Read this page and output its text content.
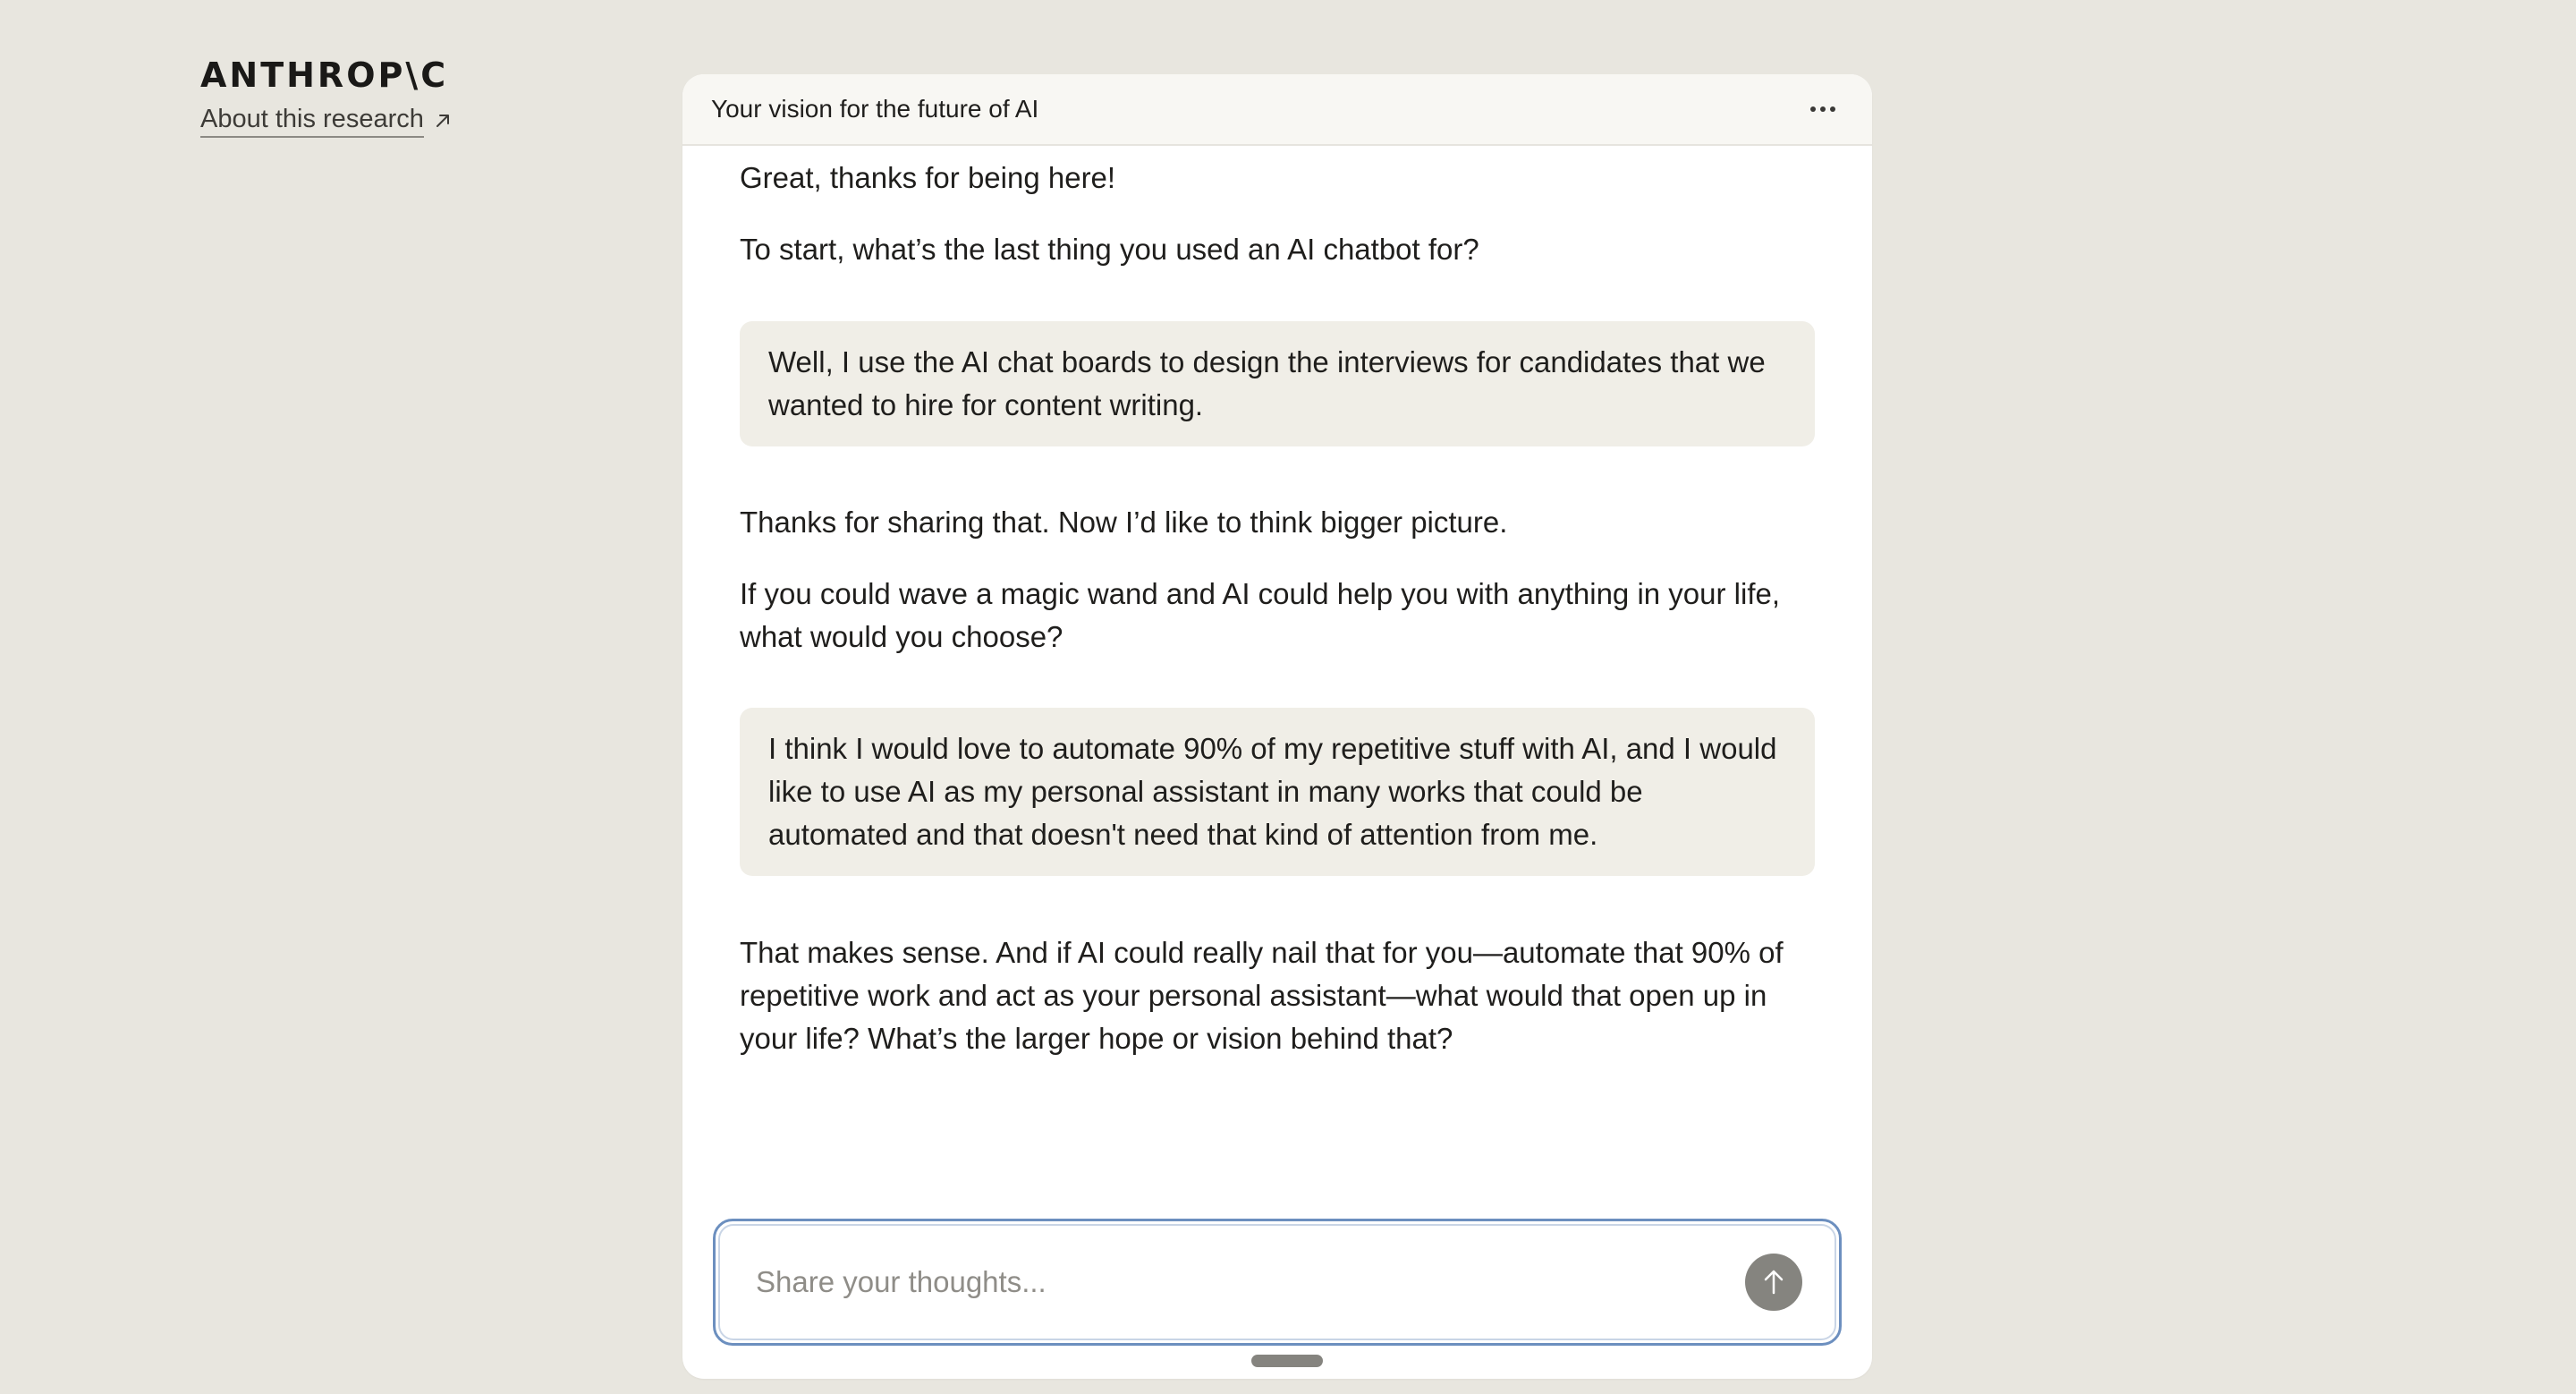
ANTHROP\C
About this research	Your vision for the future of AI

Great, thanks for being here!

To start, what’s the last thing you used an AI chatbot for?

Well, I use the AI chat boards to design the interviews for candidates that we wanted to hire for content writing.

Thanks for sharing that. Now I’d like to think bigger picture.

If you could wave a magic wand and AI could help you with anything in your life, what would you choose?

I think I would love to automate 90% of my repetitive stuff with AI, and I would like to use AI as my personal assistant in many works that could be automated and that doesn't need that kind of attention from me.

That makes sense. And if AI could really nail that for you—automate that 90% of repetitive work and act as your personal assistant—what would that open up in your life? What’s the larger hope or vision behind that?

Share your thoughts...
